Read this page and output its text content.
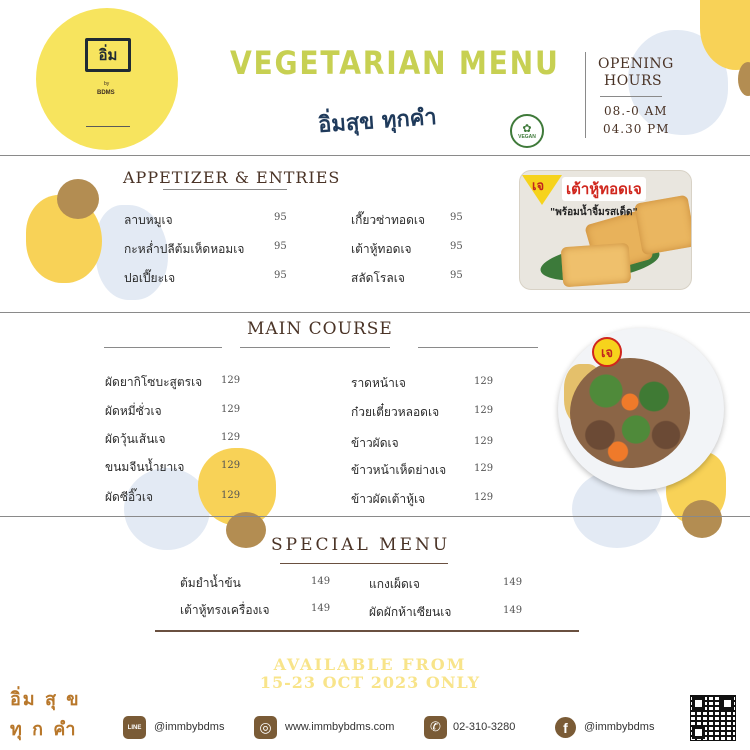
อิ่ม
by
BDMS
VEGETARIAN MENU
อิ่มสุข ทุกคำ	✿
VEGAN
OPENING
HOURS
08.-0 AM
04.30 PM
APPETIZER & ENTRIES
ลาบหมูเจ	95
กะหล่ำปลีต้มเห็ดหอมเจ	95
ปอเปี๊ยะเจ	95
เกี๊ยวซ่าทอดเจ 95
เต้าหู้ทอดเจ	95
สลัดโรลเจ	95
เจ เต้าหู้ทอดเจ
"พร้อมน้ำจิ้มรสเด็ด"
MAIN COURSE
ผัดยากิโซบะสูตรเจ 129
ผัดหมี่ซั่วเจ	129
ผัดวุ้นเส้นเจ	129
ขนมจีนน้ำยาเจ	129
ผัดซีอิ๊วเจ	129
ราดหน้าเจ	129
ก๋วยเตี๋ยวหลอดเจ	129
ข้าวผัดเจ	129
ข้าวหน้าเห็ดย่างเจ	129
ข้าวผัดเต้าหู้เจ	129
เจ
SPECIAL MENU
ต้มยำน้ำข้น	149
เต้าหู้ทรงเครื่องเจ	149
แกงเผ็ดเจ	149
ผัดผักห้าเซียนเจ	149
AVAILABLE FROM
15-23 OCT 2023 ONLY
อิ่ม สุ ข
ทุ ก คำ	LINE @immbybdms	◎	www.immbybdms.com	✆	02-310-3280	f	@immbybdms
